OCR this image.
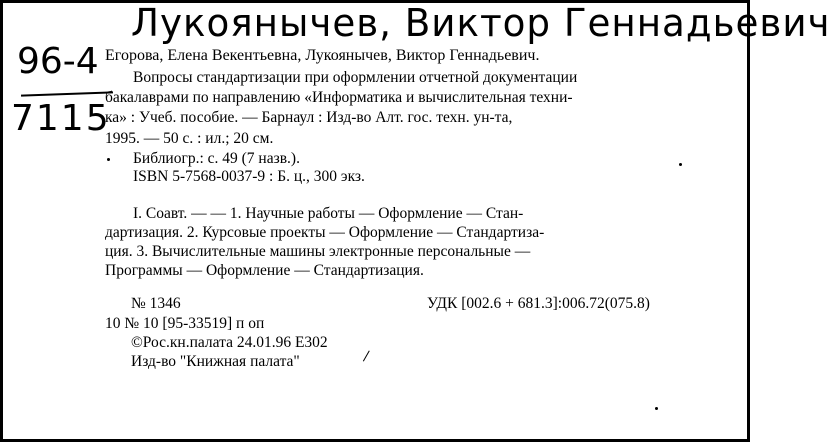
Лукоянычев, Виктор Геннадьевич
96-4
7115
Егорова, Елена Векентьевна, Лукоянычев, Виктор Геннадьевич.
Вопросы стандартизации при оформлении отчетной документации
бакалаврами по направлению «Информатика и вычислительная техни-
ка» : Учеб. пособие. — Барнаул : Изд-во Алт. гос. техн. ун-та,
1995. — 50 с. : ил.; 20 см.
Библиогр.: с. 49 (7 назв.).
ISBN 5-7568-0037-9 : Б. ц., 300 экз.
I. Соавт. — — 1. Научные работы — Оформление — Стан-
дартизация. 2. Курсовые проекты — Оформление — Стандартиза-
ция. 3. Вычислительные машины электронные персональные —
Программы — Оформление — Стандартизация.
№ 1346	УДК [002.6 + 681.3]:006.72(075.8)
10 № 10 [95-33519] п оп
©Рос.кн.палата 24.01.96 Е302
Изд-во "Книжная палата"
